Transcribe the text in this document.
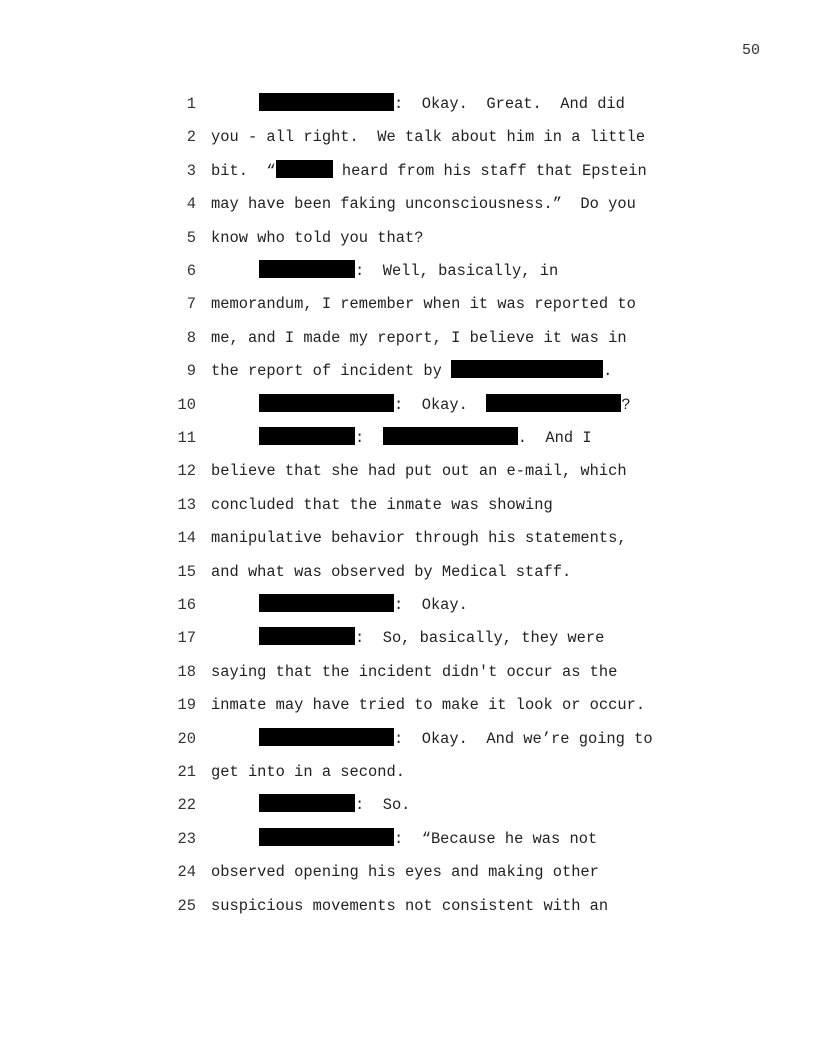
50
1	:  Okay.  Great.  And did
2 you - all right.  We talk about him in a little
3 bit.  “	heard from his staff that Epstein
4 may have been faking unconsciousness.”  Do you
5 know who told you that?
6	:  Well, basically, in
7 memorandum, I remember when it was reported to
8 me, and I made my report, I believe it was in
9 the report of incident by	.
10	:  Okay.	?
11	:	.  And I
12 believe that she had put out an e-mail, which
13 concluded that the inmate was showing
14 manipulative behavior through his statements,
15 and what was observed by Medical staff.
16	:  Okay.
17	:  So, basically, they were
18 saying that the incident didn't occur as the
19 inmate may have tried to make it look or occur.
20	:  Okay.  And we’re going to
21 get into in a second.
22	:  So.
23	:  “Because he was not
24 observed opening his eyes and making other
25 suspicious movements not consistent with an
